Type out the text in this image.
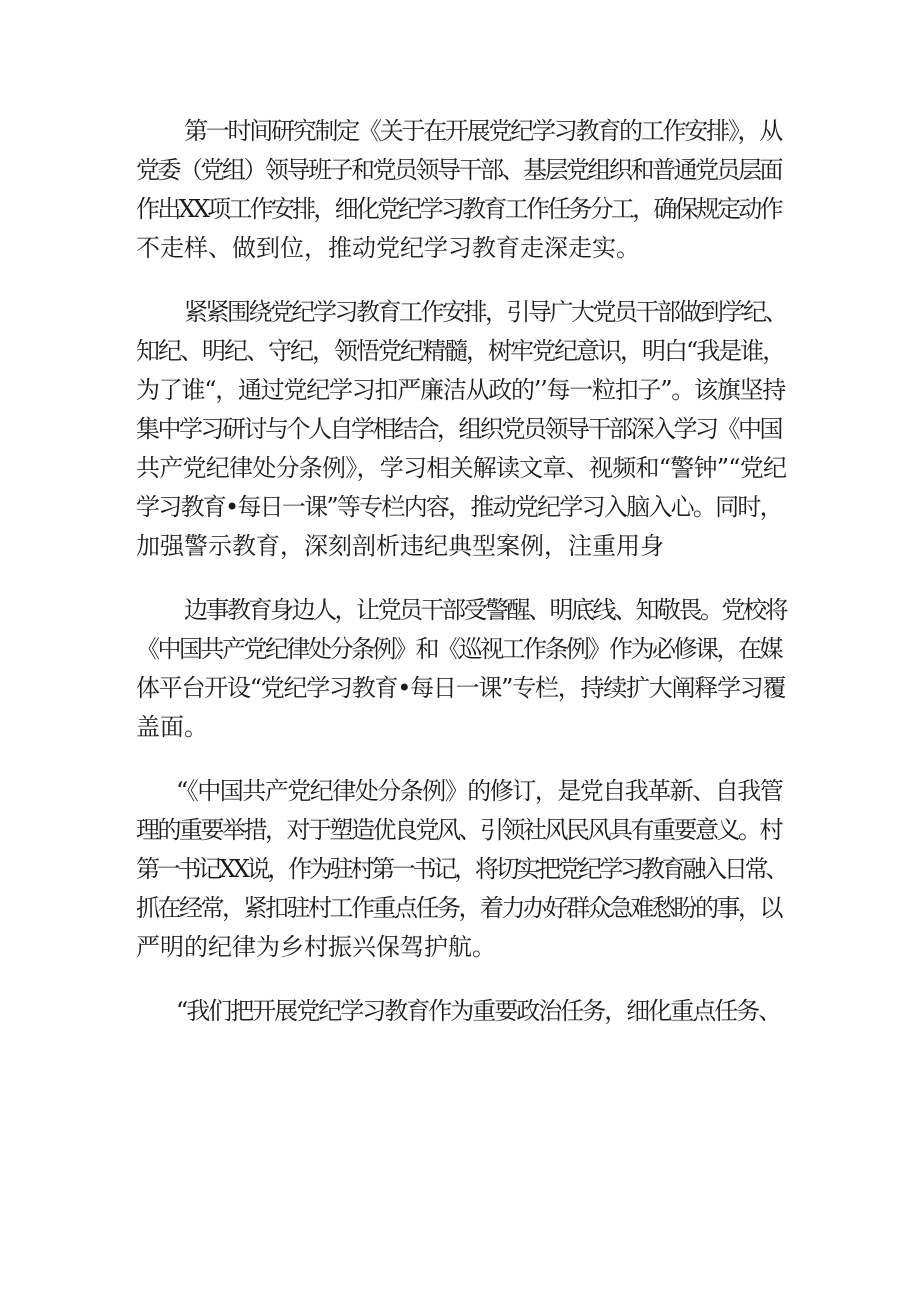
第一时间研究制定《关于在开展党纪学习教育的工作安排》，从
党委（党组）领导班子和党员领导干部、基层党组织和普通党员层面
作出XX项工作安排，细化党纪学习教育工作任务分工，确保规定动作
不走样、做到位，推动党纪学习教育走深走实。

紧紧围绕党纪学习教育工作安排，引导广大党员干部做到学纪、
知纪、明纪、守纪，领悟党纪精髓，树牢党纪意识，明白“我是谁，
为了谁“，通过党纪学习扣严廉洁从政的’’每一粒扣子”。该旗坚持
集中学习研讨与个人自学相结合，组织党员领导干部深入学习《中国
共产党纪律处分条例》，学习相关解读文章、视频和“警钟”“党纪
学习教育•每日一课”等专栏内容，推动党纪学习入脑入心。同时，
加强警示教育，深刻剖析违纪典型案例，注重用身

边事教育身边人，让党员干部受警醒、明底线、知敬畏。党校将
《中国共产党纪律处分条例》和《巡视工作条例》作为必修课，在媒
体平台开设“党纪学习教育•每日一课”专栏，持续扩大阐释学习覆
盖面。

“《中国共产党纪律处分条例》的修订，是党自我革新、自我管
理的重要举措，对于塑造优良党风、引领社风民风具有重要意义。村
第一书记XX说，作为驻村第一书记，将切实把党纪学习教育融入日常、
抓在经常，紧扣驻村工作重点任务，着力办好群众急难愁盼的事，以
严明的纪律为乡村振兴保驾护航。

“我们把开展党纪学习教育作为重要政治任务，细化重点任务、
